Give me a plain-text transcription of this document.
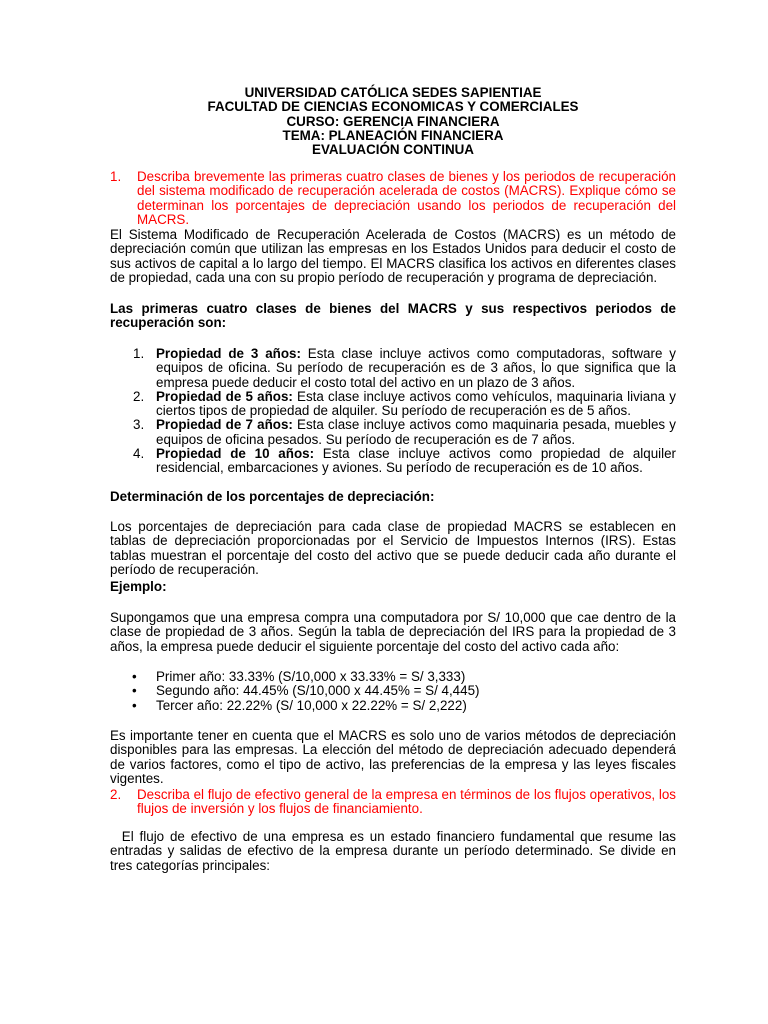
UNIVERSIDAD CATÓLICA SEDES SAPIENTIAE
FACULTAD DE CIENCIAS ECONOMICAS Y COMERCIALES
CURSO: GERENCIA FINANCIERA
TEMA: PLANEACIÓN FINANCIERA
EVALUACIÓN CONTINUA
1. Describa brevemente las primeras cuatro clases de bienes y los periodos de recuperación del sistema modificado de recuperación acelerada de costos (MACRS). Explique cómo se determinan los porcentajes de depreciación usando los periodos de recuperación del MACRS.
El Sistema Modificado de Recuperación Acelerada de Costos (MACRS) es un método de depreciación común que utilizan las empresas en los Estados Unidos para deducir el costo de sus activos de capital a lo largo del tiempo. El MACRS clasifica los activos en diferentes clases de propiedad, cada una con su propio período de recuperación y programa de depreciación.
Las primeras cuatro clases de bienes del MACRS y sus respectivos periodos de recuperación son:
1. Propiedad de 3 años: Esta clase incluye activos como computadoras, software y equipos de oficina. Su período de recuperación es de 3 años, lo que significa que la empresa puede deducir el costo total del activo en un plazo de 3 años.
2. Propiedad de 5 años: Esta clase incluye activos como vehículos, maquinaria liviana y ciertos tipos de propiedad de alquiler. Su período de recuperación es de 5 años.
3. Propiedad de 7 años: Esta clase incluye activos como maquinaria pesada, muebles y equipos de oficina pesados. Su período de recuperación es de 7 años.
4. Propiedad de 10 años: Esta clase incluye activos como propiedad de alquiler residencial, embarcaciones y aviones. Su período de recuperación es de 10 años.
Determinación de los porcentajes de depreciación:
Los porcentajes de depreciación para cada clase de propiedad MACRS se establecen en tablas de depreciación proporcionadas por el Servicio de Impuestos Internos (IRS). Estas tablas muestran el porcentaje del costo del activo que se puede deducir cada año durante el período de recuperación.
Ejemplo:
Supongamos que una empresa compra una computadora por S/ 10,000 que cae dentro de la clase de propiedad de 3 años. Según la tabla de depreciación del IRS para la propiedad de 3 años, la empresa puede deducir el siguiente porcentaje del costo del activo cada año:
• Primer año: 33.33% (S/10,000 x 33.33% = S/ 3,333)
• Segundo año: 44.45% (S/10,000 x 44.45% = S/ 4,445)
• Tercer año: 22.22% (S/ 10,000 x 22.22% = S/ 2,222)
Es importante tener en cuenta que el MACRS es solo uno de varios métodos de depreciación disponibles para las empresas. La elección del método de depreciación adecuado dependerá de varios factores, como el tipo de activo, las preferencias de la empresa y las leyes fiscales vigentes.
2. Describa el flujo de efectivo general de la empresa en términos de los flujos operativos, los flujos de inversión y los flujos de financiamiento.
El flujo de efectivo de una empresa es un estado financiero fundamental que resume las entradas y salidas de efectivo de la empresa durante un período determinado. Se divide en tres categorías principales:
